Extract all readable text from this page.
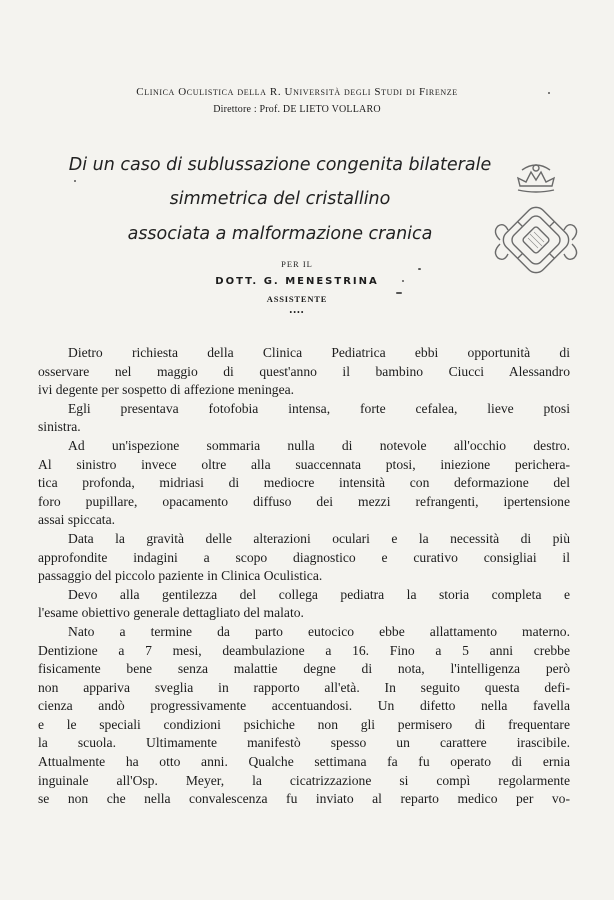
Clinica Oculistica della R. Università degli Studi di Firenze
Direttore : Prof. DE LIETO VOLLARO
Di un caso di sublussazione congenita bilaterale
simmetrica del cristallino
associata a malformazione cranica
PER IL
DOTT. G. MENESTRINA
ASSISTENTE
••••
Dietro richiesta della Clinica Pediatrica ebbi opportunità di
osservare nel maggio di quest'anno il bambino Ciucci Alessandro
ivi degente per sospetto di affezione meningea.
Egli presentava fotofobia intensa, forte cefalea, lieve ptosi
sinistra.
Ad un'ispezione sommaria nulla di notevole all'occhio destro.
Al sinistro invece oltre alla suaccennata ptosi, iniezione pericherа-
tica profonda, midriasi di mediocre intensità con deformazione del
foro pupillare, opacamento diffuso dei mezzi refrangenti, ipertensione
assai spiccata.
Data la gravità delle alterazioni oculari e la necessità di più
approfondite indagini a scopo diagnostico e curativo consigliai il
passaggio del piccolo paziente in Clinica Oculistica.
Devo alla gentilezza del collega pediatra la storia completa e
l'esame obiettivo generale dettagliato del malato.
Nato a termine da parto eutocico ebbe allattamento materno.
Dentizione a 7 mesi, deambulazione a 16. Fino a 5 anni crebbe
fisicamente bene senza malattie degne di nota, l'intelligenza però
non appariva sveglia in rapporto all'età. In seguito questa defi-
cienza andò progressivamente accentuandosi. Un difetto nella favella
e le speciali condizioni psichiche non gli permisero di frequentare
la scuola. Ultimamente manifestò spesso un carattere irascibile.
Attualmente ha otto anni. Qualche settimana fa fu operato di ernia
inguinale all'Osp. Meyer, la cicatrizzazione si compì regolarmente
se non che nella convalescenza fu inviato al reparto medico per vo-
